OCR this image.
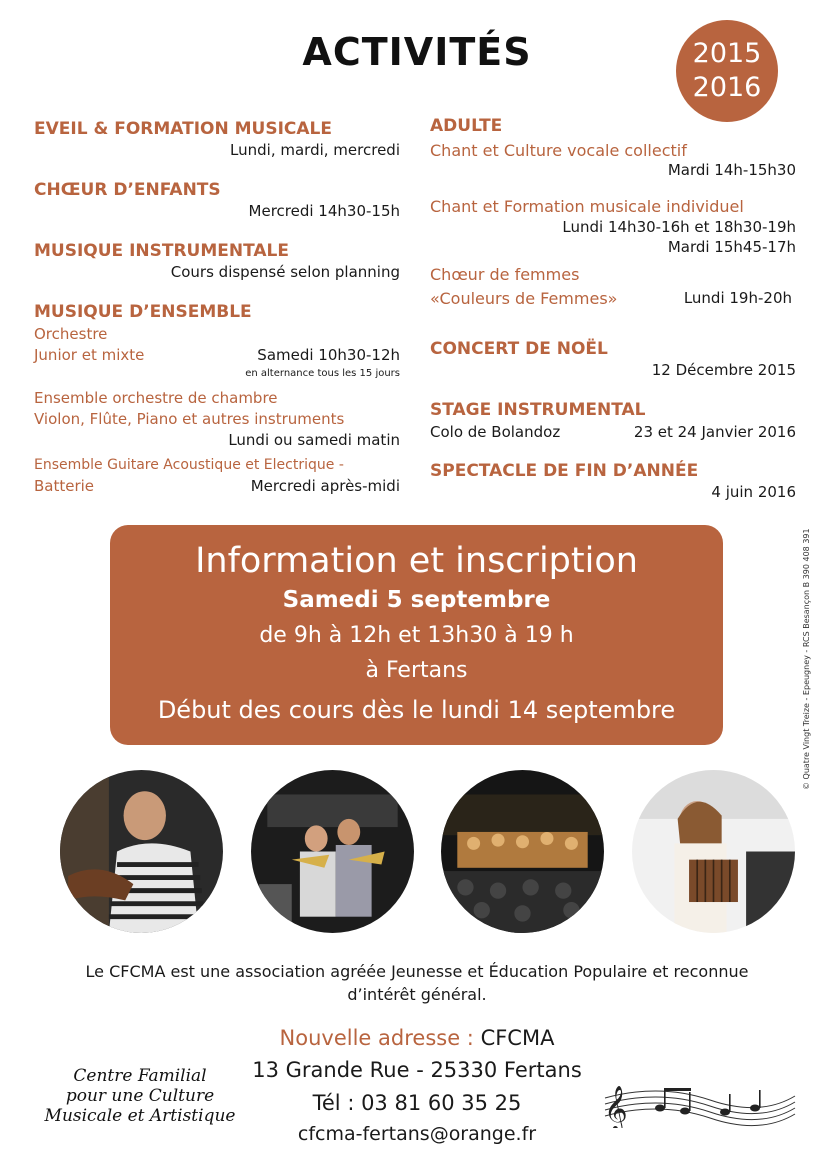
ACTIVITÉS	2015
2016
EVEIL & FORMATION MUSICALE
Lundi, mardi, mercredi
CHŒUR D’ENFANTS
Mercredi 14h30-15h
MUSIQUE INSTRUMENTALE
Cours dispensé selon planning
MUSIQUE D’ENSEMBLE
Orchestre
Junior et mixte	Samedi 10h30-12h
en alternance tous les 15 jours
Ensemble orchestre de chambre
Violon, Flûte, Piano et autres instruments
Lundi ou samedi matin
Ensemble Guitare Acoustique et Electrique -
Batterie	Mercredi après-midi
ADULTE
Chant et Culture vocale collectif
Mardi 14h-15h30
Chant et Formation musicale individuel
Lundi 14h30-16h et 18h30-19h
Mardi 15h45-17h
Chœur de femmes
«Couleurs de Femmes»	Lundi 19h-20h
CONCERT DE NOËL
12 Décembre 2015
STAGE INSTRUMENTAL
Colo de Bolandoz	23 et 24 Janvier 2016
SPECTACLE DE FIN D’ANNÉE
4 juin 2016
© Quatre Vingt Treize - Epeugney - RCS Besançon B 390 408 391
Information et inscription
Samedi 5 septembre
de 9h à 12h et 13h30 à 19 h
à Fertans
Début des cours dès le lundi 14 septembre
Le CFCMA est une association agréée Jeunesse et Éducation Populaire et reconnue
d’intérêt général.
Nouvelle adresse : CFCMA
13 Grande Rue - 25330 Fertans
Tél : 03 81 60 35 25
cfcma-fertans@orange.fr
Centre Familial
pour une Culture
Musicale et Artistique	𝄞
